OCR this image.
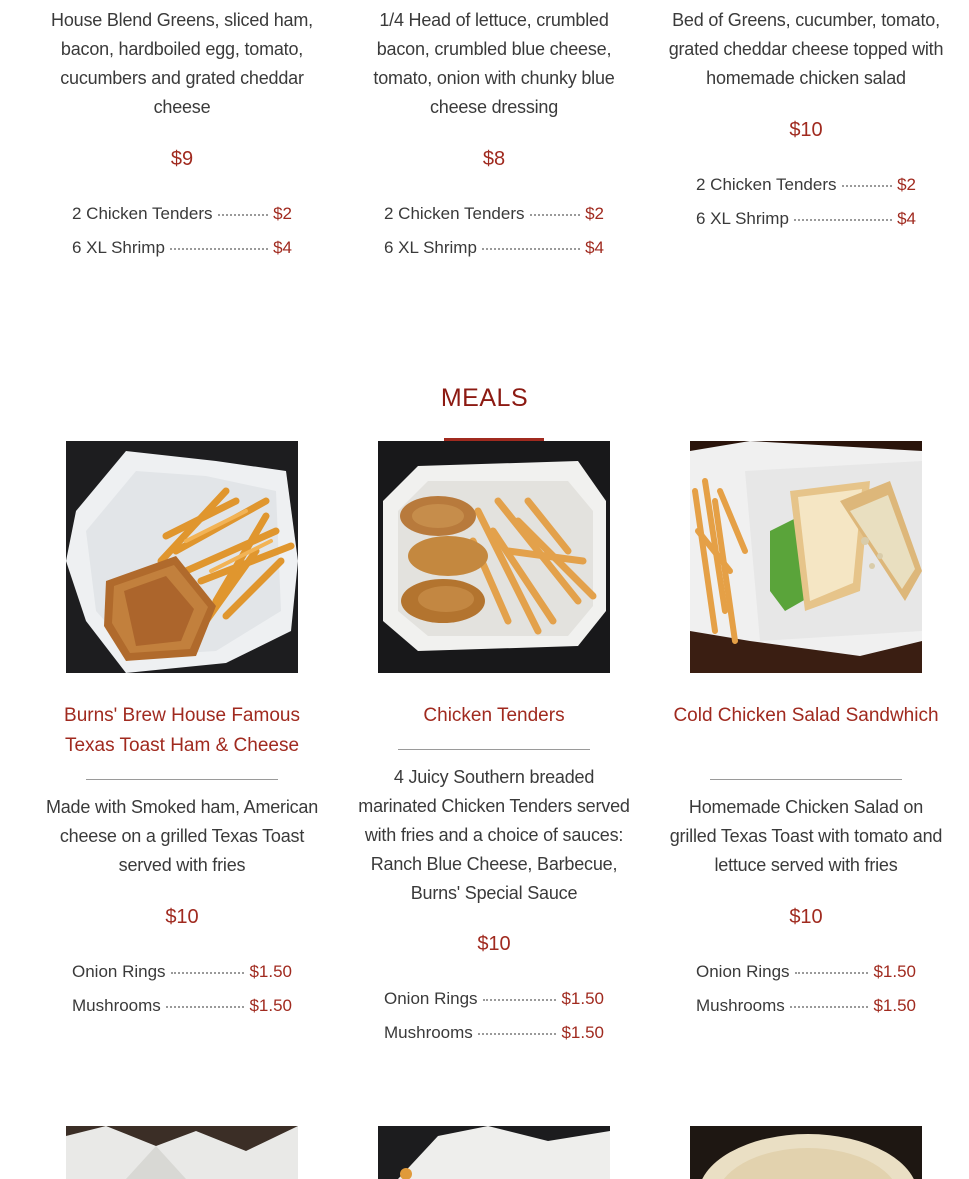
House Blend Greens, sliced ham, bacon, hardboiled egg, tomato, cucumbers and grated cheddar cheese
$9
2 Chicken Tenders	$2
6 XL Shrimp	$4
1/4 Head of lettuce, crumbled bacon, crumbled blue cheese, tomato, onion with chunky blue cheese dressing
$8
2 Chicken Tenders	$2
6 XL Shrimp	$4
Bed of Greens, cucumber, tomato, grated cheddar cheese topped with homemade chicken salad
$10
2 Chicken Tenders	$2
6 XL Shrimp	$4
MEALS
Burns' Brew House Famous Texas Toast Ham & Cheese
Made with Smoked ham, American cheese on a grilled Texas Toast served with fries
$10
Onion Rings	$1.50
Mushrooms	$1.50
Chicken Tenders
4 Juicy Southern breaded marinated Chicken Tenders served with fries and a choice of sauces: Ranch Blue Cheese, Barbecue, Burns' Special Sauce
$10
Onion Rings	$1.50
Mushrooms	$1.50
Cold Chicken Salad Sandwhich
Homemade Chicken Salad on grilled Texas Toast with tomato and lettuce served with fries
$10
Onion Rings	$1.50
Mushrooms	$1.50
